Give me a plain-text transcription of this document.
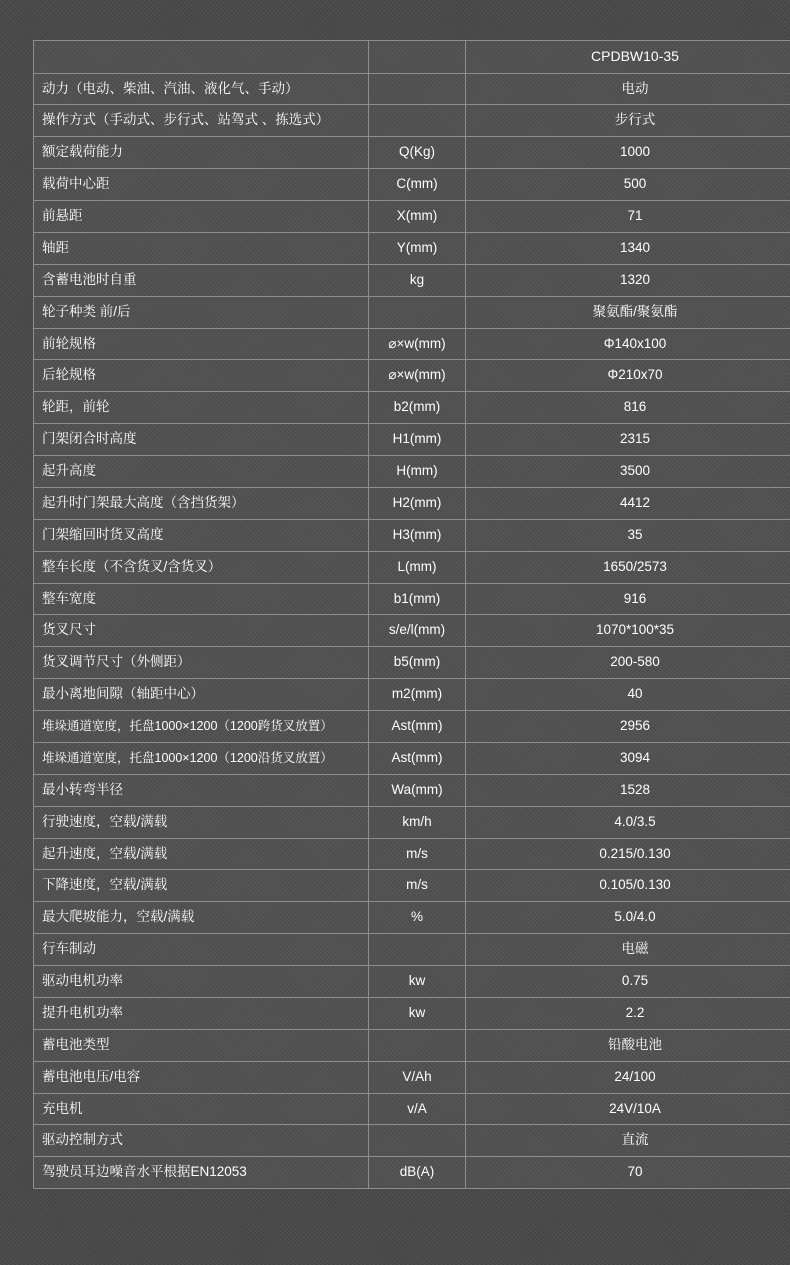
		CPDBW10-35

动力（电动、柴油、汽油、液化气、手动）		电动

操作方式（手动式、步行式、站驾式 、拣选式）		步行式

额定载荷能力	Q(Kg)	1000

载荷中心距	C(mm)	500

前悬距	X(mm)	71

轴距	Y(mm)	1340

含蓄电池时自重	kg	1320

轮子种类 前/后		聚氨酯/聚氨酯

前轮规格	⌀×w(mm)	Φ140x100

后轮规格	⌀×w(mm)	Φ210x70

轮距，前轮	b2(mm)	816

门架闭合时高度	H1(mm)	2315

起升高度	H(mm)	3500

起升时门架最大高度（含挡货架）	H2(mm)	4412

门架缩回时货叉高度	H3(mm)	35

整车长度（不含货叉/含货叉）	L(mm)	1650/2573

整车宽度	b1(mm)	916

货叉尺寸	s/e/l(mm)	1070*100*35

货叉调节尺寸（外侧距）	b5(mm)	200-580

最小离地间隙（轴距中心）	m2(mm)	40

堆垛通道宽度，托盘1000×1200（1200跨货叉放置）	Ast(mm)	2956

堆垛通道宽度，托盘1000×1200（1200沿货叉放置）	Ast(mm)	3094

最小转弯半径	Wa(mm)	1528

行驶速度，空载/满载	km/h	4.0/3.5

起升速度，空载/满载	m/s	0.215/0.130

下降速度，空载/满载	m/s	0.105/0.130

最大爬坡能力，空载/满载	%	5.0/4.0

行车制动		电磁

驱动电机功率	kw	0.75

提升电机功率	kw	2.2

蓄电池类型		铅酸电池

蓄电池电压/电容	V/Ah	24/100

充电机	v/A	24V/10A

驱动控制方式		直流

驾驶员耳边噪音水平根据EN12053	dB(A)	70
